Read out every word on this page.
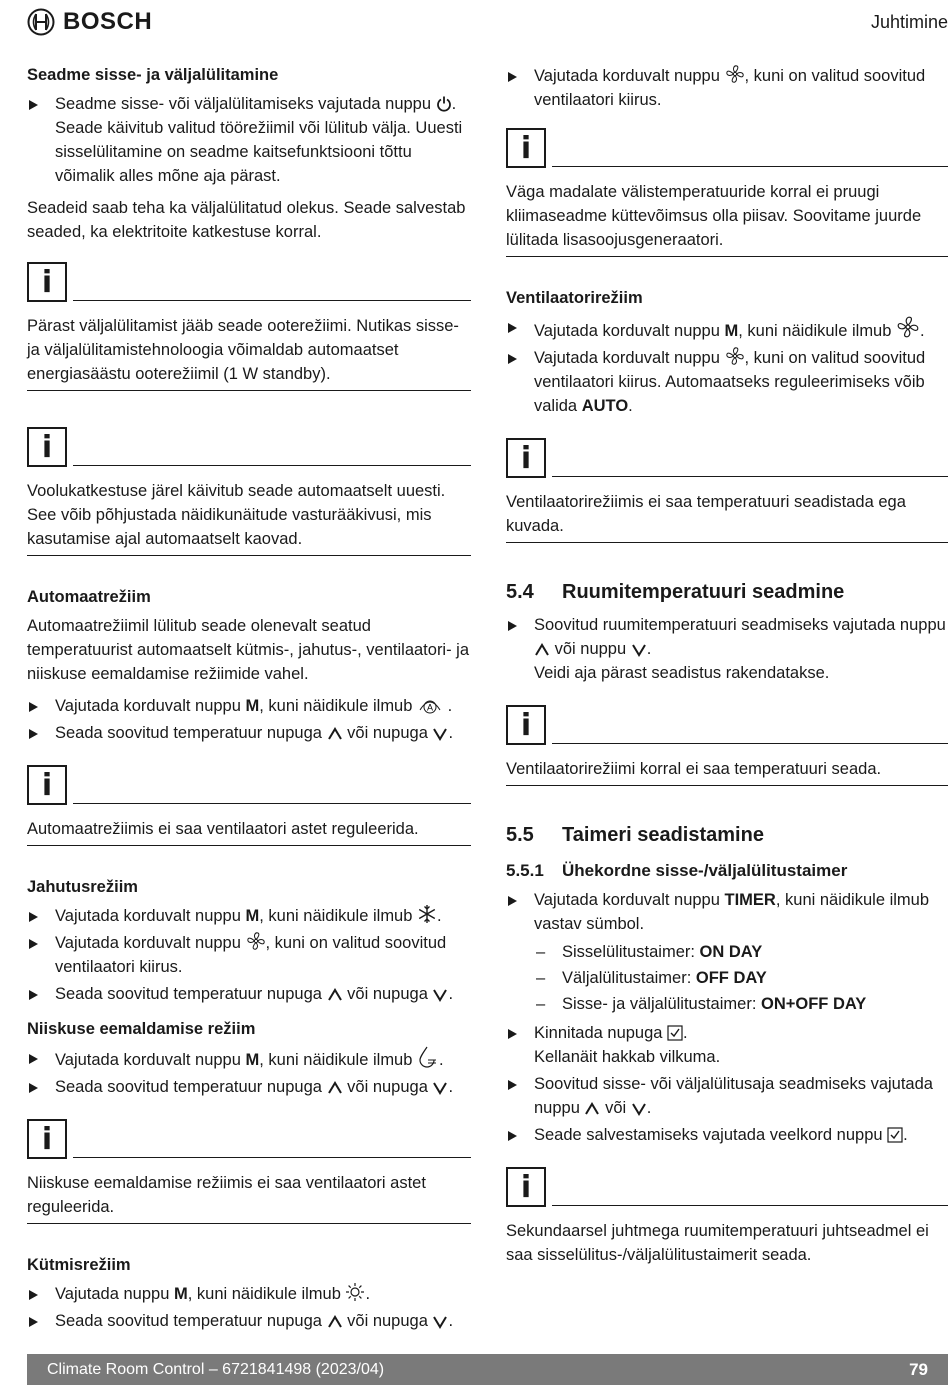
BOSCH	Juhtimine
Seadme sisse- ja väljalülitamine
Seadme sisse- või väljalülitamiseks vajutada nuppu . Seade käivitub valitud töörežiimil või lülitub välja. Uuesti sisselülitamine on seadme kaitsefunktsiooni tõttu võimalik alles mõne aja pärast.
Seadeid saab teha ka väljalülitatud olekus. Seade salvestab seaded, ka elektritoite katkestuse korral.
i
Pärast väljalülitamist jääb seade ooterežiimi. Nutikas sisse- ja väljalülitamistehnoloogia võimaldab automaatset energiasäästu ooterežiimil (1 W standby).
i
Voolukatkestuse järel käivitub seade automaatselt uuesti. See võib põhjustada näidikunäitude vasturääkivusi, mis kasutamise ajal automaatselt kaovad.
Automaatrežiim
Automaatrežiimil lülitub seade olenevalt seatud temperatuurist automaatselt kütmis-, jahutus-, ventilaatori- ja niiskuse eemaldamise režiimide vahel.
Vajutada korduvalt nuppu M, kuni näidikule ilmub A .
Seada soovitud temperatuur nupuga või nupuga .
i
Automaatrežiimis ei saa ventilaatori astet reguleerida.
Jahutusrežiim
Vajutada korduvalt nuppu M, kuni näidikule ilmub .
Vajutada korduvalt nuppu , kuni on valitud soovitud ventilaatori kiirus.
Seada soovitud temperatuur nupuga või nupuga .
Niiskuse eemaldamise režiim
Vajutada korduvalt nuppu M, kuni näidikule ilmub .
Seada soovitud temperatuur nupuga või nupuga .
i
Niiskuse eemaldamise režiimis ei saa ventilaatori astet reguleerida.
Kütmisrežiim
Vajutada nuppu M, kuni näidikule ilmub .
Seada soovitud temperatuur nupuga või nupuga .
Vajutada korduvalt nuppu , kuni on valitud soovitud ventilaatori kiirus.
i
Väga madalate välistemperatuuride korral ei pruugi kliimaseadme küttevõimsus olla piisav. Soovitame juurde lülitada lisasoojusgeneraatori.
Ventilaatorirežiim
Vajutada korduvalt nuppu M, kuni näidikule ilmub .
Vajutada korduvalt nuppu , kuni on valitud soovitud ventilaatori kiirus. Automaatseks reguleerimiseks võib valida AUTO.
i
Ventilaatorirežiimis ei saa temperatuuri seadistada ega kuvada.
5.4	Ruumitemperatuuri seadmine
Soovitud ruumitemperatuuri seadmiseks vajutada nuppu  või nuppu .
Veidi aja pärast seadistus rakendatakse.
i
Ventilaatorirežiimi korral ei saa temperatuuri seada.
5.5	Taimeri seadistamine
5.5.1	Ühekordne sisse-/väljalülitustaimer
Vajutada korduvalt nuppu TIMER, kuni näidikule ilmub vastav sümbol.
– Sisselülitustaimer: ON DAY
– Väljalülitustaimer: OFF DAY
– Sisse- ja väljalülitustaimer: ON+OFF DAY
Kinnitada nupuga .
Kellanäit hakkab vilkuma.
Soovitud sisse- või väljalülitusaja seadmiseks vajutada nuppu või .
Seade salvestamiseks vajutada veelkord nuppu .
i
Sekundaarsel juhtmega ruumitemperatuuri juhtseadmel ei saa sisselülitus-/väljalülitustaimerit seada.
Climate Room Control – 6721841498 (2023/04)	79
